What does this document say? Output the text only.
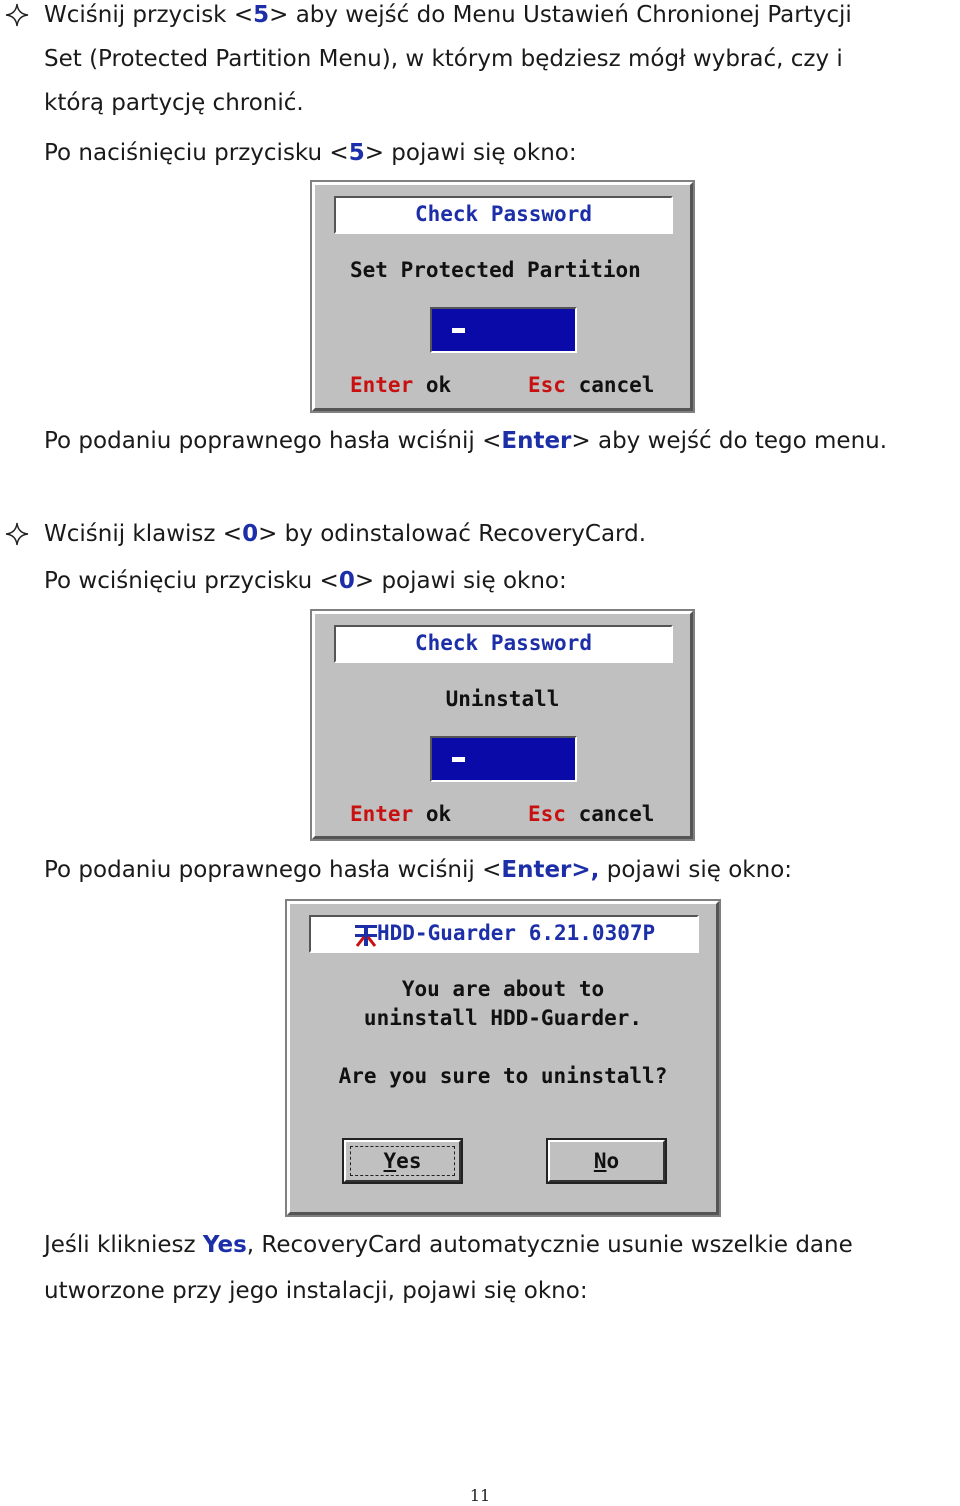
Wciśnij przycisk <5> aby wejść do Menu Ustawień Chronionej Partycji
Set (Protected Partition Menu), w którym będziesz mógł wybrać, czy i
którą partycję chronić.
Po naciśnięciu przycisku <5> pojawi się okno:
Check Password
Set Protected Partition
Enter ok	Esc cancel
Po podaniu poprawnego hasła wciśnij <Enter> aby wejść do tego menu.
Wciśnij klawisz <0> by odinstalować RecoveryCard.
Po wciśnięciu przycisku <0> pojawi się okno:
Check Password
Uninstall
Enter ok	Esc cancel
Po podaniu poprawnego hasła wciśnij <Enter>, pojawi się okno:
HDD-Guarder 6.21.0307P
You are about to
uninstall HDD-Guarder.
Are you sure to uninstall?
Yes	No
Jeśli klikniesz Yes, RecoveryCard automatycznie usunie wszelkie dane
utworzone przy jego instalacji, pojawi się okno:
11
